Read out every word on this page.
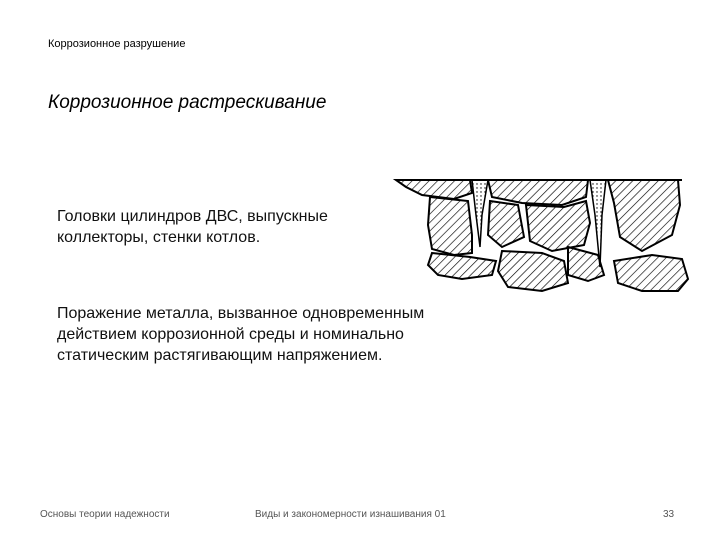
Коррозионное разрушение
Коррозионное растрескивание
Головки цилиндров ДВС, выпускные коллекторы, стенки котлов.
Поражение металла, вызванное одновременным действием коррозионной среды и номинально статическим растягивающим напряжением.
Основы теории надежности	Виды и закономерности изнашивания 01	33
